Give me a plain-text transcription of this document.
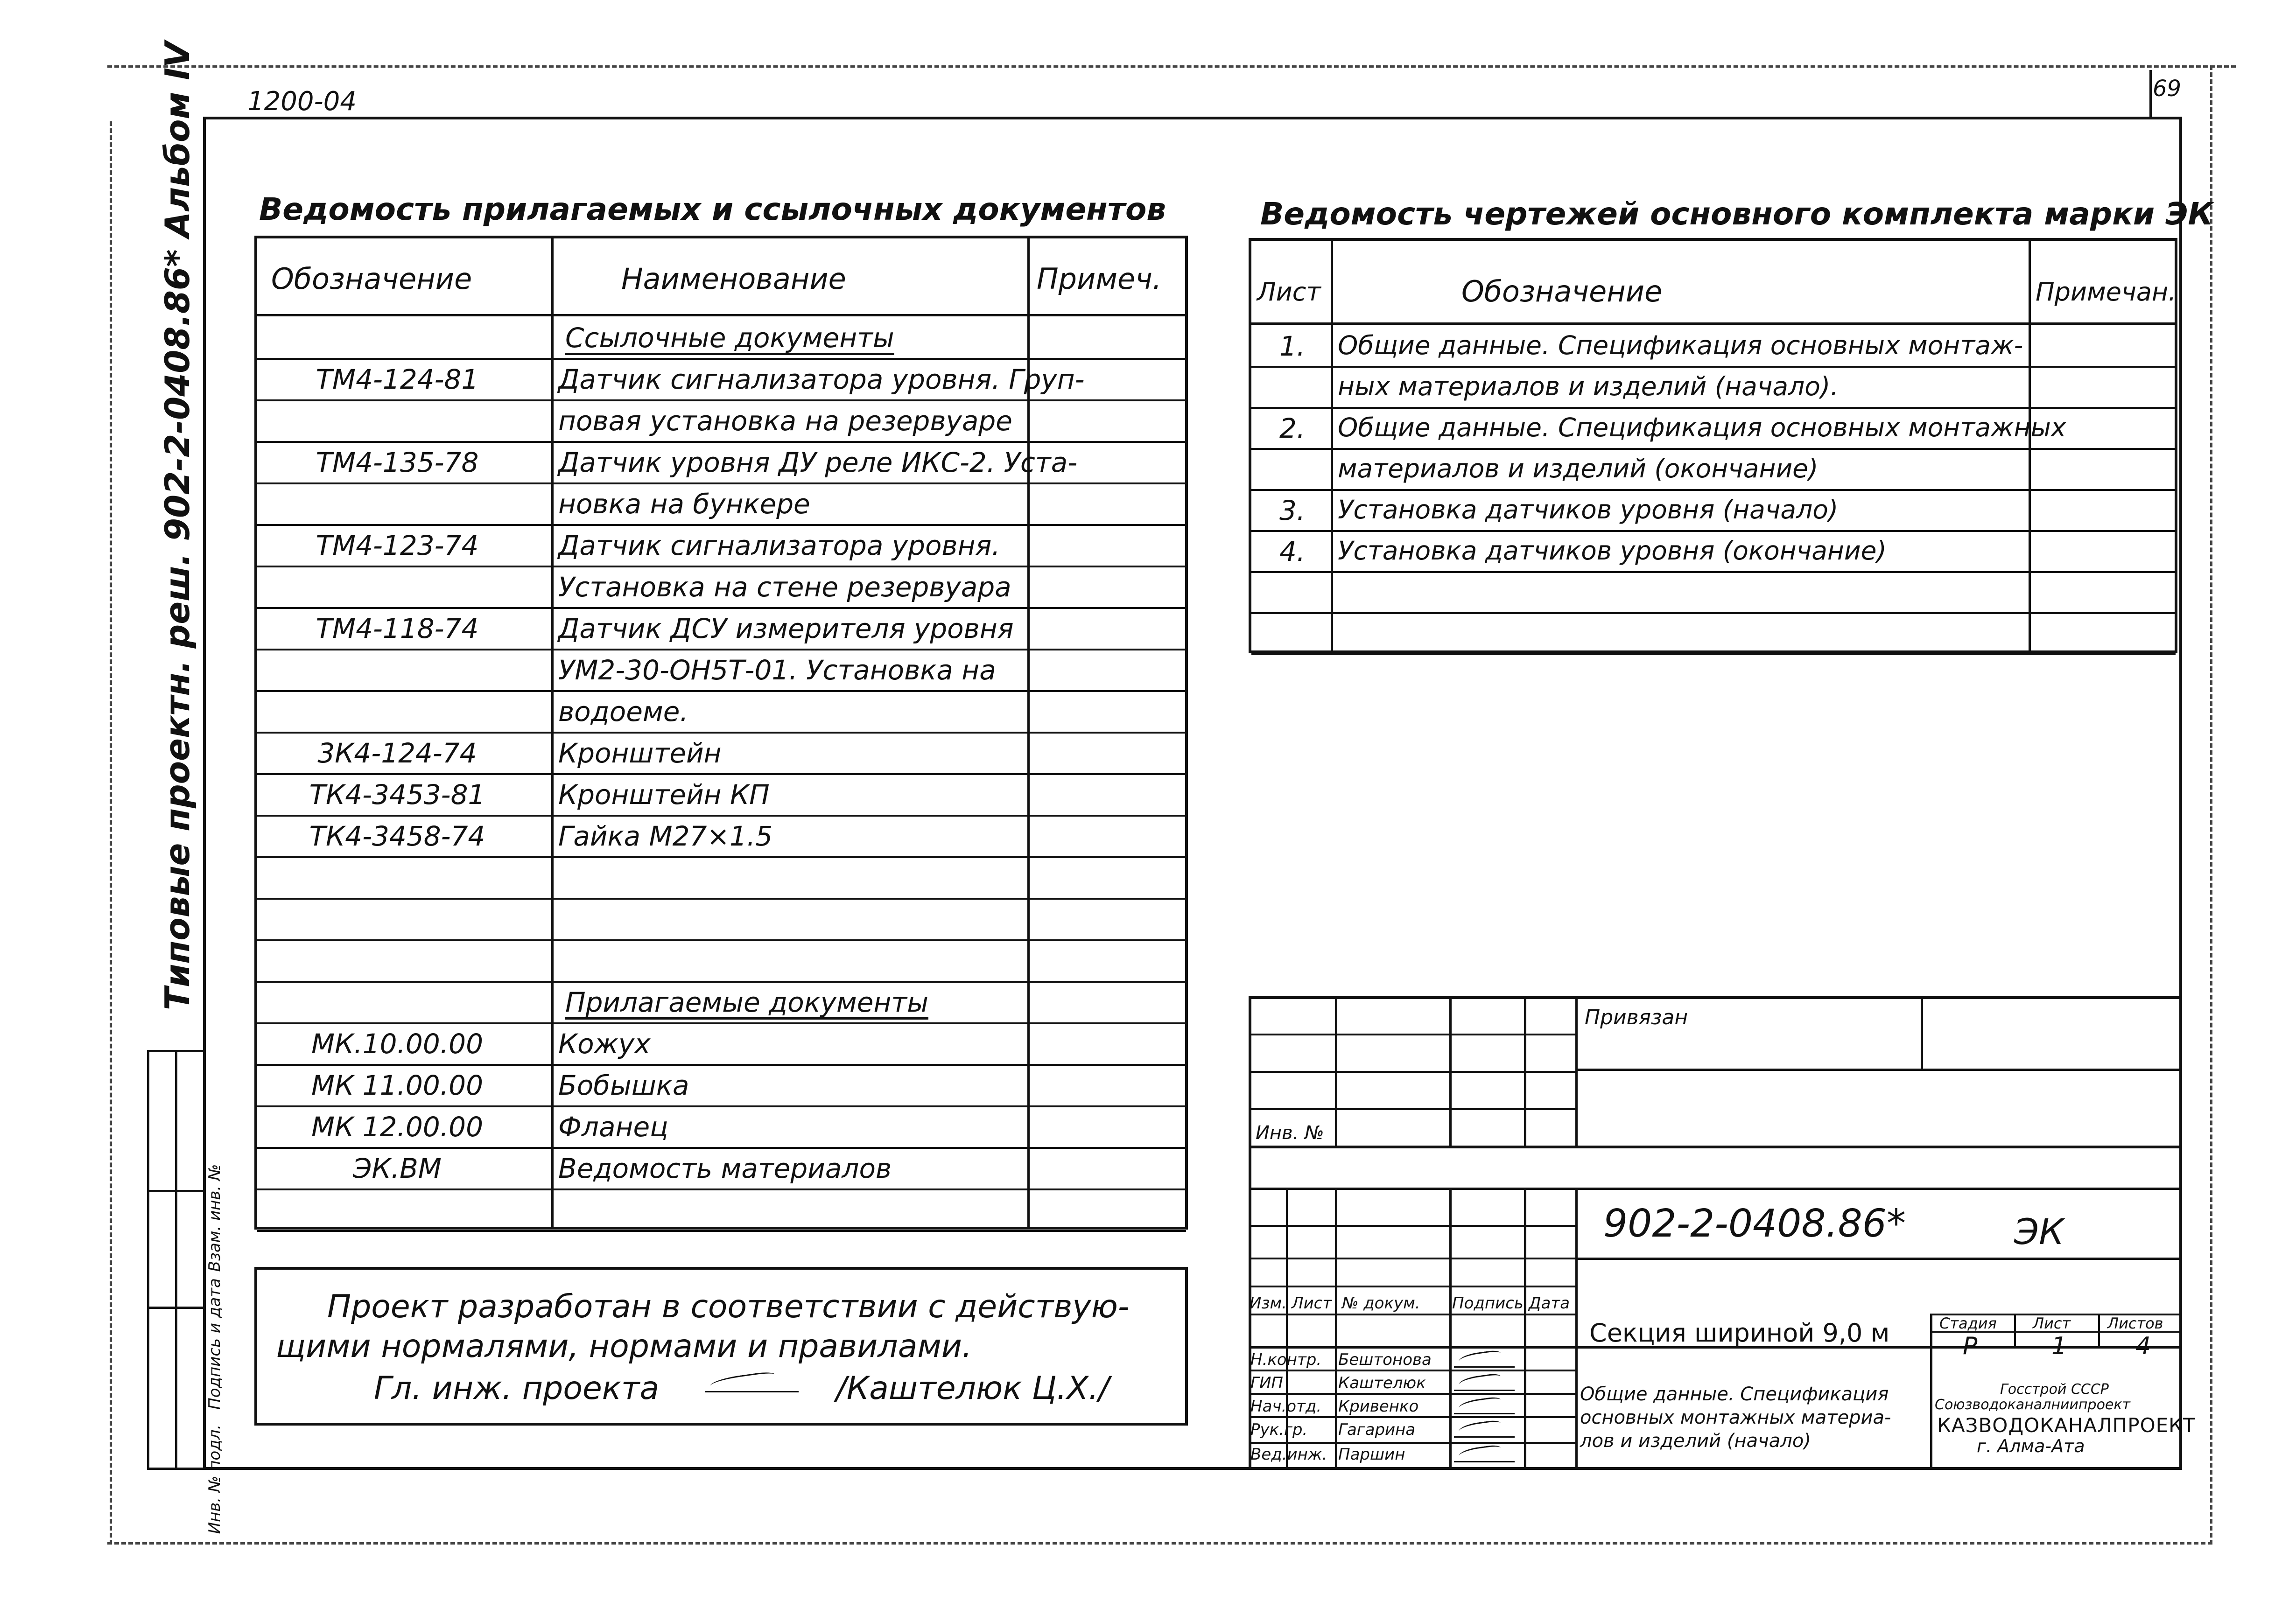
69
1200-04
Инв. № подл.
Подпись и дата
Взам. инв. №
Типовые проектн. реш. 902-2-0408.86* Альбом IV Ведомость прилагаемых и ссылочных документов
Обозначение	Наименование	Примеч.
Ссылочные документы
ТМ4-124-81	Датчик сигнализатора уровня. Груп-
повая установка на резервуаре
ТМ4-135-78	Датчик уровня ДУ реле ИКС-2. Уста-
новка на бункере
ТМ4-123-74	Датчик сигнализатора уровня.
Установка на стене резервуара
ТМ4-118-74	Датчик ДСУ измерителя уровня
УМ2-30-ОН5Т-01. Установка на
водоеме.
3К4-124-74	Кронштейн
ТК4-3453-81	Кронштейн КП
ТК4-3458-74	Гайка М27×1.5
Прилагаемые документы
МК.10.00.00	Кожух
МК 11.00.00	Бобышка
МК 12.00.00	Фланец
ЭК.ВМ	Ведомость материалов
Проект разработан в соответствии с действую-
щими нормалями, нормами и правилами.
Гл. инж. проекта	/Каштелюк Ц.Х./
Ведомость чертежей основного комплекта марки ЭК
Лист	Обозначение	Примечан.
1. Общие данные. Спецификация основных монтаж-
ных материалов и изделий (начало).
2. Общие данные. Спецификация основных монтажных
материалов и изделий (окончание)
3. Установка датчиков уровня (начало)
4. Установка датчиков уровня (окончание)
Привязан
Инв. №
902-2-0408.86*	ЭК
Изм. Лист № докум. Подпись Дата
Н.контр. Бештонова
ГИП	Каштелюк
Нач.отд. Кривенко
Рук.гр. Гагарина
Вед.инж. Паршин
Секция шириной 9,0 м
Общие данные. Спецификация
основных монтажных материа-
лов и изделий (начало)
Стадия Лист Листов
Р	1	4
Госстрой СССР
Союзводоканалниипроект
КАЗВОДОКАНАЛПРОЕКТ
г. Алма-Ата
